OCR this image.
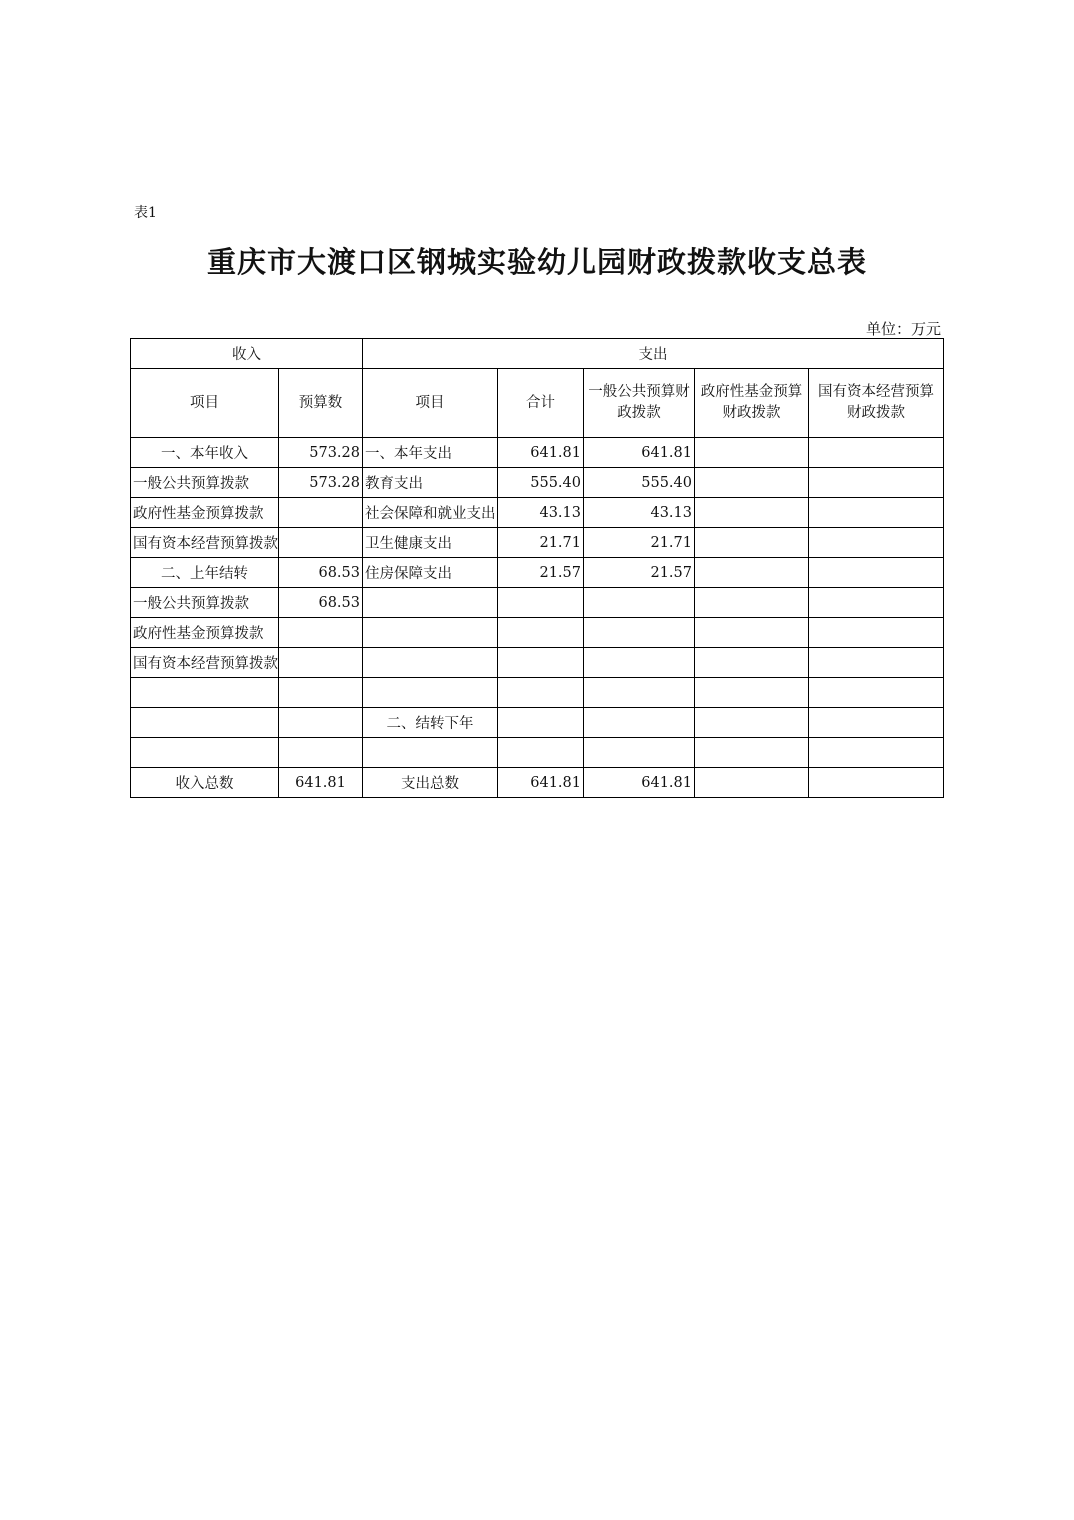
表1
重庆市大渡口区钢城实验幼儿园财政拨款收支总表
单位：万元
收入		支出				
项目	预算数	项目	合计	一般公共预算财政拨款	政府性基金预算财政拨款	国有资本经营预算财政拨款
一、本年收入	573.28	一、本年支出	641.81	641.81		
一般公共预算拨款	573.28	教育支出	555.40	555.40		
政府性基金预算拨款		社会保障和就业支出	43.13	43.13		
国有资本经营预算拨款		卫生健康支出	21.71	21.71		
二、上年结转	68.53	住房保障支出	21.57	21.57		
一般公共预算拨款	68.53					
政府性基金预算拨款						
国有资本经营预算拨款						

		二、结转下年				

收入总数	641.81	支出总数	641.81	641.81		
